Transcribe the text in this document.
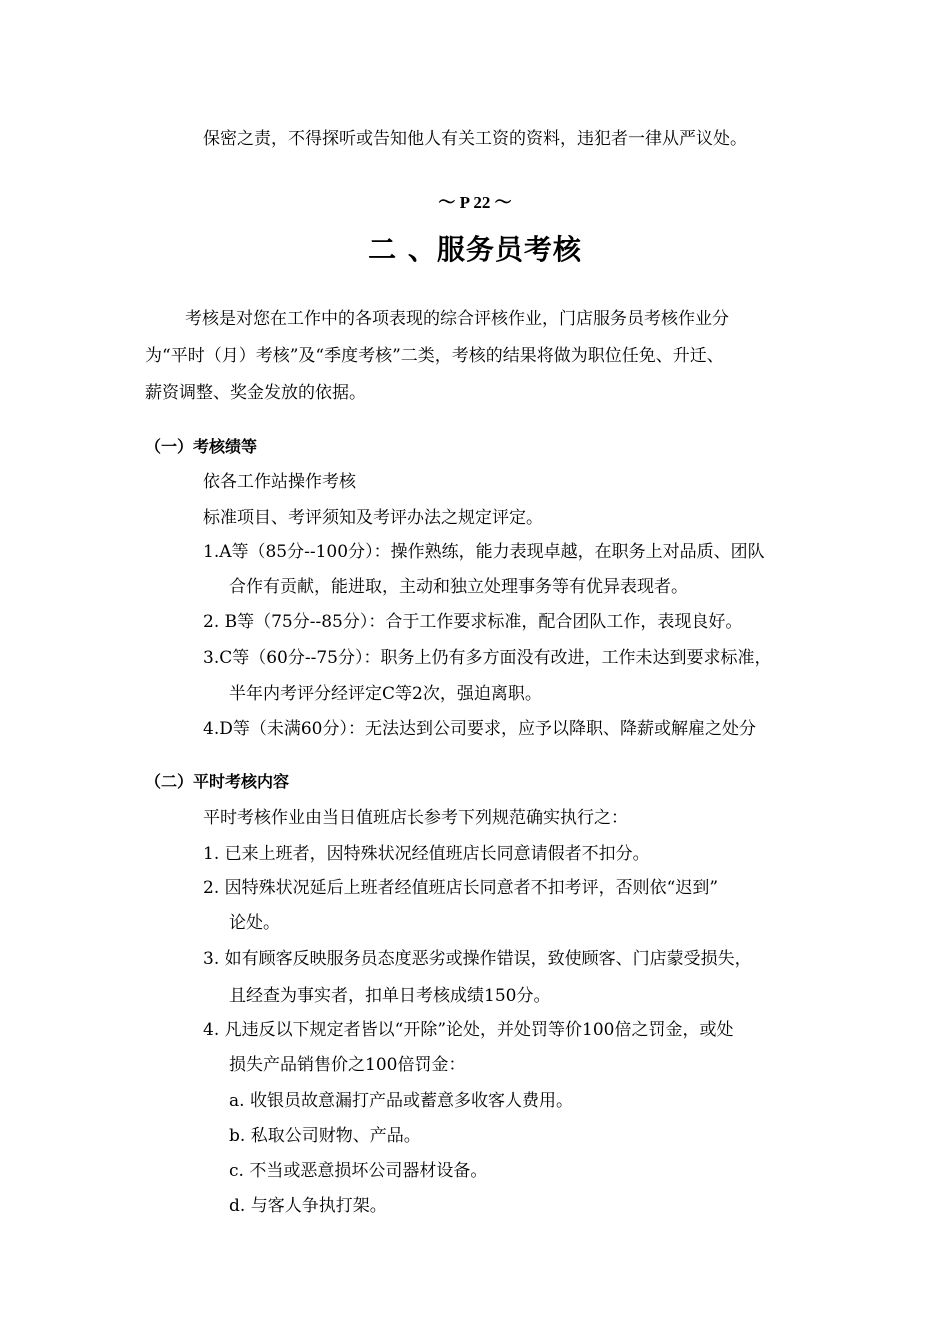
保密之责，不得探听或告知他人有关工资的资料，违犯者一律从严议处。
～ P 22 ～
二 、服务员考核
考核是对您在工作中的各项表现的综合评核作业，门店服务员考核作业分
为“平时（月）考核”及“季度考核”二类，考核的结果将做为职位任免、升迁、
薪资调整、奖金发放的依据。
（一）考核绩等
依各工作站操作考核
标准项目、考评须知及考评办法之规定评定。
1.A等（85分--100分）：操作熟练，能力表现卓越，在职务上对品质、团队
合作有贡献，能进取，主动和独立处理事务等有优异表现者。
2. B等（75分--85分）：合于工作要求标准，配合团队工作，表现良好。
3.C等（60分--75分）：职务上仍有多方面没有改进，工作未达到要求标准，
半年内考评分经评定C等2次，强迫离职。
4.D等（未满60分）：无法达到公司要求，应予以降职、降薪或解雇之处分
（二）平时考核内容
平时考核作业由当日值班店长参考下列规范确实执行之：
1. 已来上班者，因特殊状况经值班店长同意请假者不扣分。
2. 因特殊状况延后上班者经值班店长同意者不扣考评，否则依“迟到”
论处。
3. 如有顾客反映服务员态度恶劣或操作错误，致使顾客、门店蒙受损失，
且经查为事实者，扣单日考核成绩150分。
4. 凡违反以下规定者皆以“开除”论处，并处罚等价100倍之罚金，或处
损失产品销售价之100倍罚金：
a. 收银员故意漏打产品或蓄意多收客人费用。
b. 私取公司财物、产品。
c. 不当或恶意损坏公司器材设备。
d. 与客人争执打架。
